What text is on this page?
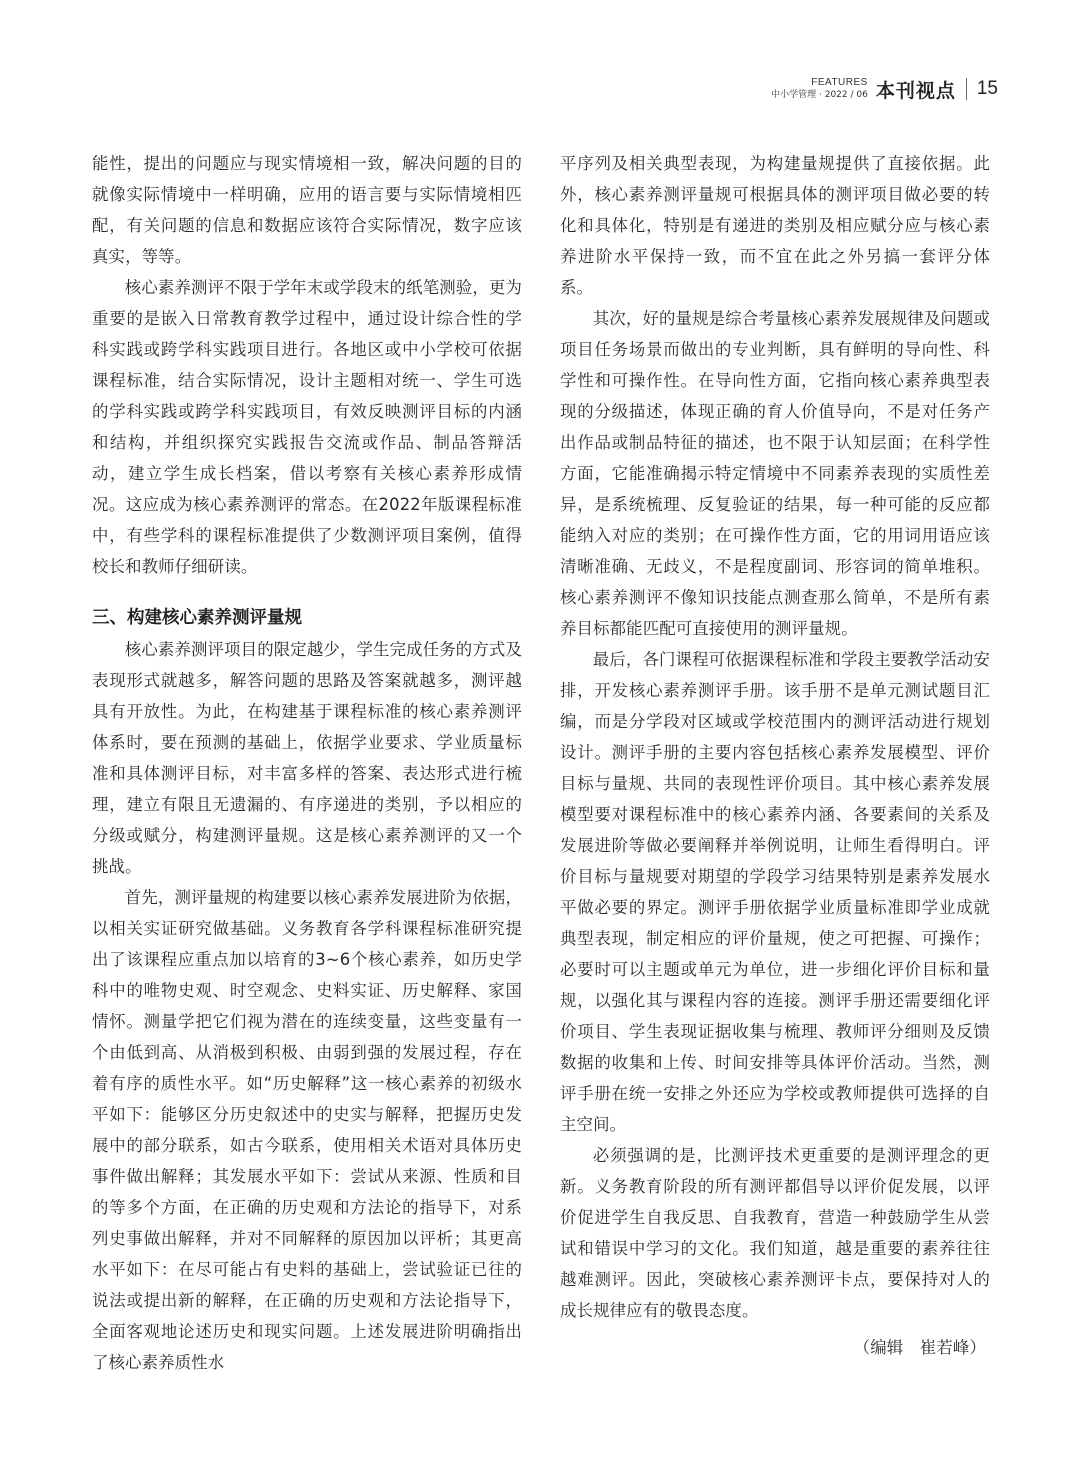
FEATURES
中小学管理 · 2022 / 06 本刊视点 15

能性，提出的问题应与现实情境相一致，解决问题的目的就像实际情境中一样明确，应用的语言要与实际情境相匹配，有关问题的信息和数据应该符合实际情况，数字应该真实，等等。

核心素养测评不限于学年末或学段末的纸笔测验，更为重要的是嵌入日常教育教学过程中，通过设计综合性的学科实践或跨学科实践项目进行。各地区或中小学校可依据课程标准，结合实际情况，设计主题相对统一、学生可选的学科实践或跨学科实践项目，有效反映测评目标的内涵和结构，并组织探究实践报告交流或作品、制品答辩活动，建立学生成长档案，借以考察有关核心素养形成情况。这应成为核心素养测评的常态。在2022年版课程标准中，有些学科的课程标准提供了少数测评项目案例，值得校长和教师仔细研读。

三、构建核心素养测评量规

核心素养测评项目的限定越少，学生完成任务的方式及表现形式就越多，解答问题的思路及答案就越多，测评越具有开放性。为此，在构建基于课程标准的核心素养测评体系时，要在预测的基础上，依据学业要求、学业质量标准和具体测评目标，对丰富多样的答案、表达形式进行梳理，建立有限且无遗漏的、有序递进的类别，予以相应的分级或赋分，构建测评量规。这是核心素养测评的又一个挑战。

首先，测评量规的构建要以核心素养发展进阶为依据，以相关实证研究做基础。义务教育各学科课程标准研究提出了该课程应重点加以培育的3~6个核心素养，如历史学科中的唯物史观、时空观念、史料实证、历史解释、家国情怀。测量学把它们视为潜在的连续变量，这些变量有一个由低到高、从消极到积极、由弱到强的发展过程，存在着有序的质性水平。如“历史解释”这一核心素养的初级水平如下：能够区分历史叙述中的史实与解释，把握历史发展中的部分联系，如古今联系，使用相关术语对具体历史事件做出解释；其发展水平如下：尝试从来源、性质和目的等多个方面，在正确的历史观和方法论的指导下，对系列史事做出解释，并对不同解释的原因加以评析；其更高水平如下：在尽可能占有史料的基础上，尝试验证已往的说法或提出新的解释，在正确的历史观和方法论指导下，全面客观地论述历史和现实问题。上述发展进阶明确指出了核心素养质性水

平序列及相关典型表现，为构建量规提供了直接依据。此外，核心素养测评量规可根据具体的测评项目做必要的转化和具体化，特别是有递进的类别及相应赋分应与核心素养进阶水平保持一致，而不宜在此之外另搞一套评分体系。

其次，好的量规是综合考量核心素养发展规律及问题或项目任务场景而做出的专业判断，具有鲜明的导向性、科学性和可操作性。在导向性方面，它指向核心素养典型表现的分级描述，体现正确的育人价值导向，不是对任务产出作品或制品特征的描述，也不限于认知层面；在科学性方面，它能准确揭示特定情境中不同素养表现的实质性差异，是系统梳理、反复验证的结果，每一种可能的反应都能纳入对应的类别；在可操作性方面，它的用词用语应该清晰准确、无歧义，不是程度副词、形容词的简单堆积。核心素养测评不像知识技能点测查那么简单，不是所有素养目标都能匹配可直接使用的测评量规。

最后，各门课程可依据课程标准和学段主要教学活动安排，开发核心素养测评手册。该手册不是单元测试题目汇编，而是分学段对区域或学校范围内的测评活动进行规划设计。测评手册的主要内容包括核心素养发展模型、评价目标与量规、共同的表现性评价项目。其中核心素养发展模型要对课程标准中的核心素养内涵、各要素间的关系及发展进阶等做必要阐释并举例说明，让师生看得明白。评价目标与量规要对期望的学段学习结果特别是素养发展水平做必要的界定。测评手册依据学业质量标准即学业成就典型表现，制定相应的评价量规，使之可把握、可操作；必要时可以主题或单元为单位，进一步细化评价目标和量规，以强化其与课程内容的连接。测评手册还需要细化评价项目、学生表现证据收集与梳理、教师评分细则及反馈数据的收集和上传、时间安排等具体评价活动。当然，测评手册在统一安排之外还应为学校或教师提供可选择的自主空间。

必须强调的是，比测评技术更重要的是测评理念的更新。义务教育阶段的所有测评都倡导以评价促发展，以评价促进学生自我反思、自我教育，营造一种鼓励学生从尝试和错误中学习的文化。我们知道，越是重要的素养往往越难测评。因此，突破核心素养测评卡点，要保持对人的成长规律应有的敬畏态度。

（编辑　崔若峰）
